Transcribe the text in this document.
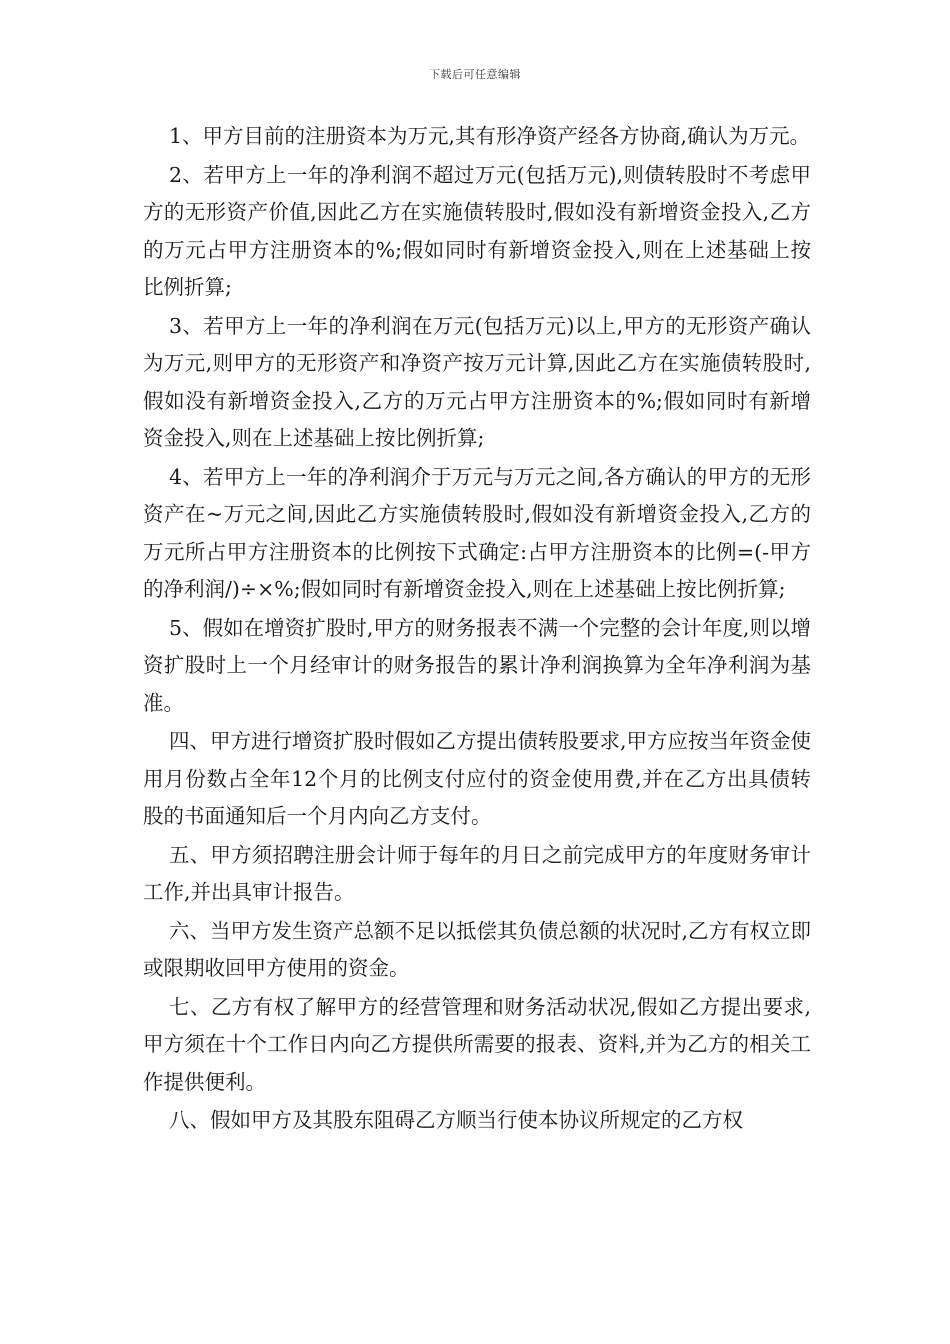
下载后可任意编辑

1、甲方目前的注册资本为万元,其有形净资产经各方协商,确认为万元。

2、若甲方上一年的净利润不超过万元(包括万元),则债转股时不考虑甲方的无形资产价值,因此乙方在实施债转股时,假如没有新增资金投入,乙方的万元占甲方注册资本的%;假如同时有新增资金投入,则在上述基础上按比例折算;

3、若甲方上一年的净利润在万元(包括万元)以上,甲方的无形资产确认为万元,则甲方的无形资产和净资产按万元计算,因此乙方在实施债转股时,假如没有新增资金投入,乙方的万元占甲方注册资本的%;假如同时有新增资金投入,则在上述基础上按比例折算;

4、若甲方上一年的净利润介于万元与万元之间,各方确认的甲方的无形资产在~万元之间,因此乙方实施债转股时,假如没有新增资金投入,乙方的万元所占甲方注册资本的比例按下式确定:占甲方注册资本的比例=(-甲方的净利润/)÷×%;假如同时有新增资金投入,则在上述基础上按比例折算;

5、假如在增资扩股时,甲方的财务报表不满一个完整的会计年度,则以增资扩股时上一个月经审计的财务报告的累计净利润换算为全年净利润为基准。

四、甲方进行增资扩股时假如乙方提出债转股要求,甲方应按当年资金使用月份数占全年12个月的比例支付应付的资金使用费,并在乙方出具债转股的书面通知后一个月内向乙方支付。

五、甲方须招聘注册会计师于每年的月日之前完成甲方的年度财务审计工作,并出具审计报告。

六、当甲方发生资产总额不足以抵偿其负债总额的状况时,乙方有权立即或限期收回甲方使用的资金。

七、乙方有权了解甲方的经营管理和财务活动状况,假如乙方提出要求,甲方须在十个工作日内向乙方提供所需要的报表、资料,并为乙方的相关工作提供便利。

八、假如甲方及其股东阻碍乙方顺当行使本协议所规定的乙方权
